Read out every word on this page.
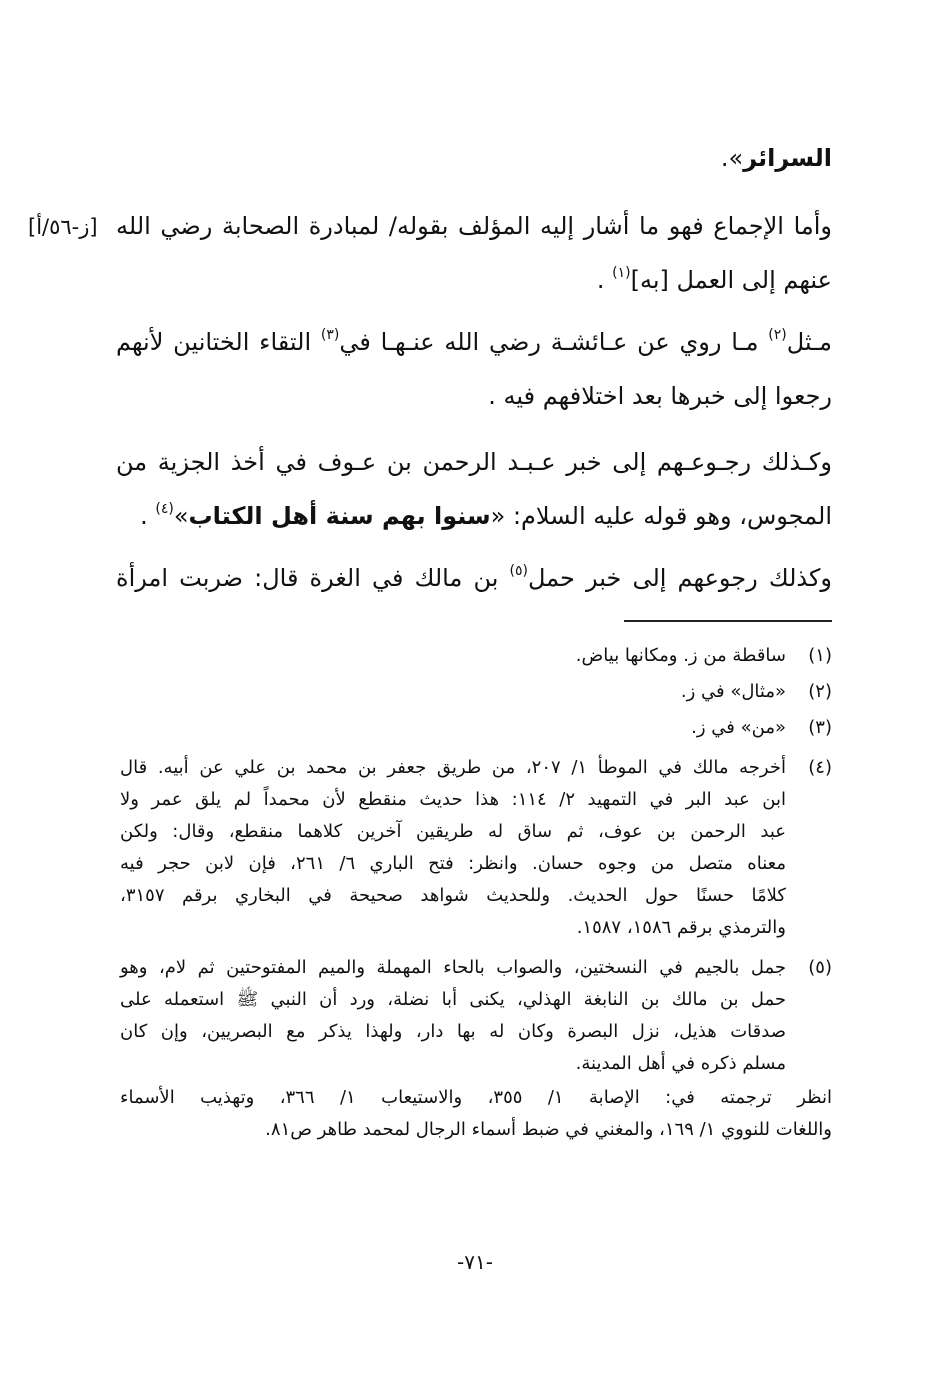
السرائر».
وأما الإجماع فهو ما أشار إليه المؤلف بقوله/ لمبادرة الصحابة رضي الله
[ز-٥٦/أ]
عنهم إلى العمل [به]$^{(١)}$ .
مـثل$^{(٢)}$ مـا روي عن عـائشـة رضي الله عنـهـا في$^{(٣)}$ التقاء الختانين لأنهم
رجعوا إلى خبرها بعد اختلافهم فيه .
وكـذلك رجـوعـهم إلى خبر عـبـد الرحمن بن عـوف في أخذ الجزية من
المجوس، وهو قوله عليه السلام: «سنوا بهم سنة أهل الكتاب»$^{(٤)}$ .
وكذلك رجوعهم إلى خبر حمل$^{(٥)}$ بن مالك في الغرة قال: ضربت امرأة
(١)
ساقطة من ز. ومكانها بياض.
(٢)
«مثال» في ز.
(٣)
«من» في ز.
(٤)
أخرجه مالك في الموطأ ١/ ٢٠٧، من طريق جعفر بن محمد بن علي عن أبيه. قال
ابن عبد البر في التمهيد ٢/ ١١٤: هذا حديث منقطع لأن محمداً لم يلق عمر ولا
عبد الرحمن بن عوف، ثم ساق له طريقين آخرين كلاهما منقطع، وقال: ولكن
معناه متصل من وجوه حسان. وانظر: فتح الباري ٦/ ٢٦١، فإن لابن حجر فيه
كلامًا حسنًا حول الحديث. وللحديث شواهد صحيحة في البخاري برقم ٣١٥٧،
والترمذي برقم ١٥٨٦، ١٥٨٧.
(٥)
جمل بالجيم في النسختين، والصواب بالحاء المهملة والميم المفتوحتين ثم لام، وهو
حمل بن مالك بن النابغة الهذلي، يكنى أبا نضلة، ورد أن النبي ﷺ استعمله على
صدقات هذيل، نزل البصرة وكان له بها دار، ولهذا يذكر مع البصريين، وإن كان
مسلم ذكره في أهل المدينة.
انظر ترجمته في: الإصابة ١/ ٣٥٥، والاستيعاب ١/ ٣٦٦، وتهذيب الأسماء
واللغات للنووي ١/ ١٦٩، والمغني في ضبط أسماء الرجال لمحمد طاهر ص٨١.
-٧١-
